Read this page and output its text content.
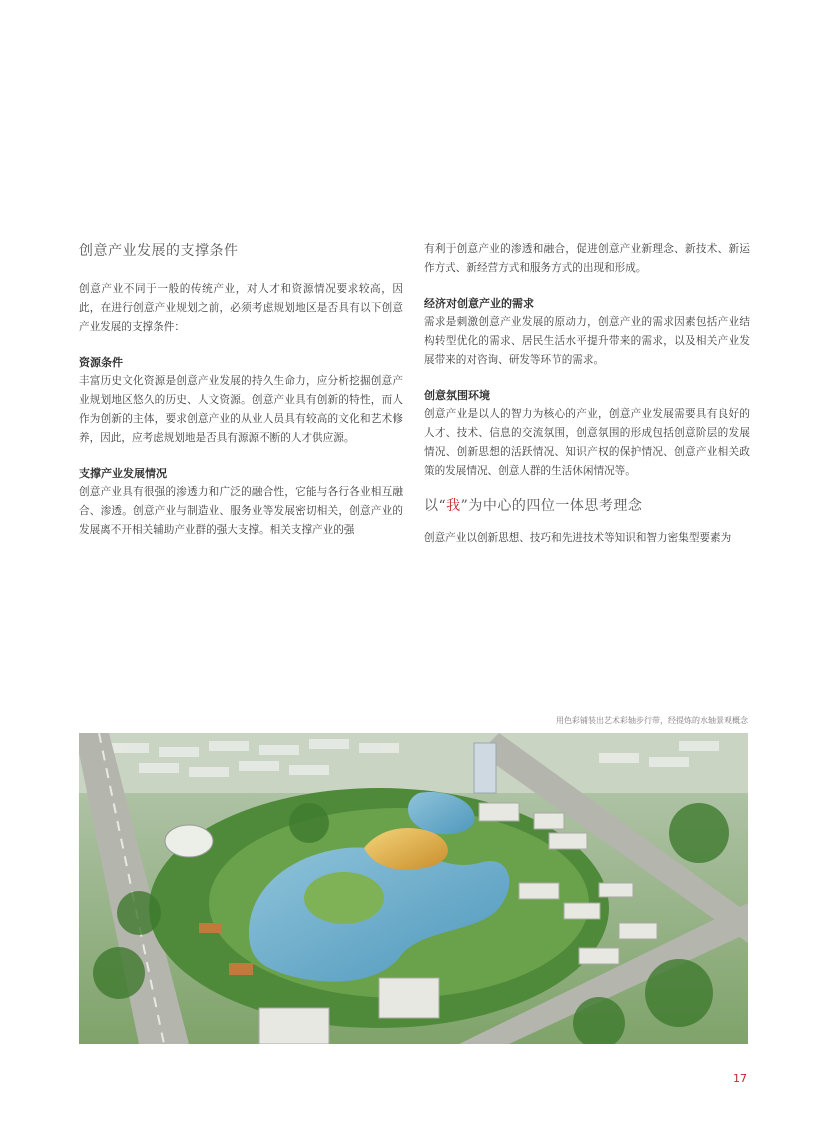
创意产业发展的支撑条件

创意产业不同于一般的传统产业，对人才和资源情况要求较高，因此，在进行创意产业规划之前，必须考虑规划地区是否具有以下创意产业发展的支撑条件：

资源条件

丰富历史文化资源是创意产业发展的持久生命力，应分析挖掘创意产业规划地区悠久的历史、人文资源。创意产业具有创新的特性，而人作为创新的主体，要求创意产业的从业人员具有较高的文化和艺术修养，因此，应考虑规划地是否具有源源不断的人才供应源。

支撑产业发展情况

创意产业具有很强的渗透力和广泛的融合性，它能与各行各业相互融合、渗透。创意产业与制造业、服务业等发展密切相关，创意产业的发展离不开相关辅助产业群的强大支撑。相关支撑产业的强

有利于创意产业的渗透和融合，促进创意产业新理念、新技术、新运作方式、新经营方式和服务方式的出现和形成。

经济对创意产业的需求

需求是刺激创意产业发展的原动力，创意产业的需求因素包括产业结构转型优化的需求、居民生活水平提升带来的需求，以及相关产业发展带来的对咨询、研发等环节的需求。

创意氛围环境

创意产业是以人的智力为核心的产业，创意产业发展需要具有良好的人才、技术、信息的交流氛围，创意氛围的形成包括创意阶层的发展情况、创新思想的活跃情况、知识产权的保护情况、创意产业相关政策的发展情况、创意人群的生活休闲情况等。

以“我”为中心的四位一体思考理念

创意产业以创新思想、技巧和先进技术等知识和智力密集型要素为

用色彩铺装出艺术彩轴步行带，经提炼的水轴景观概念
17
